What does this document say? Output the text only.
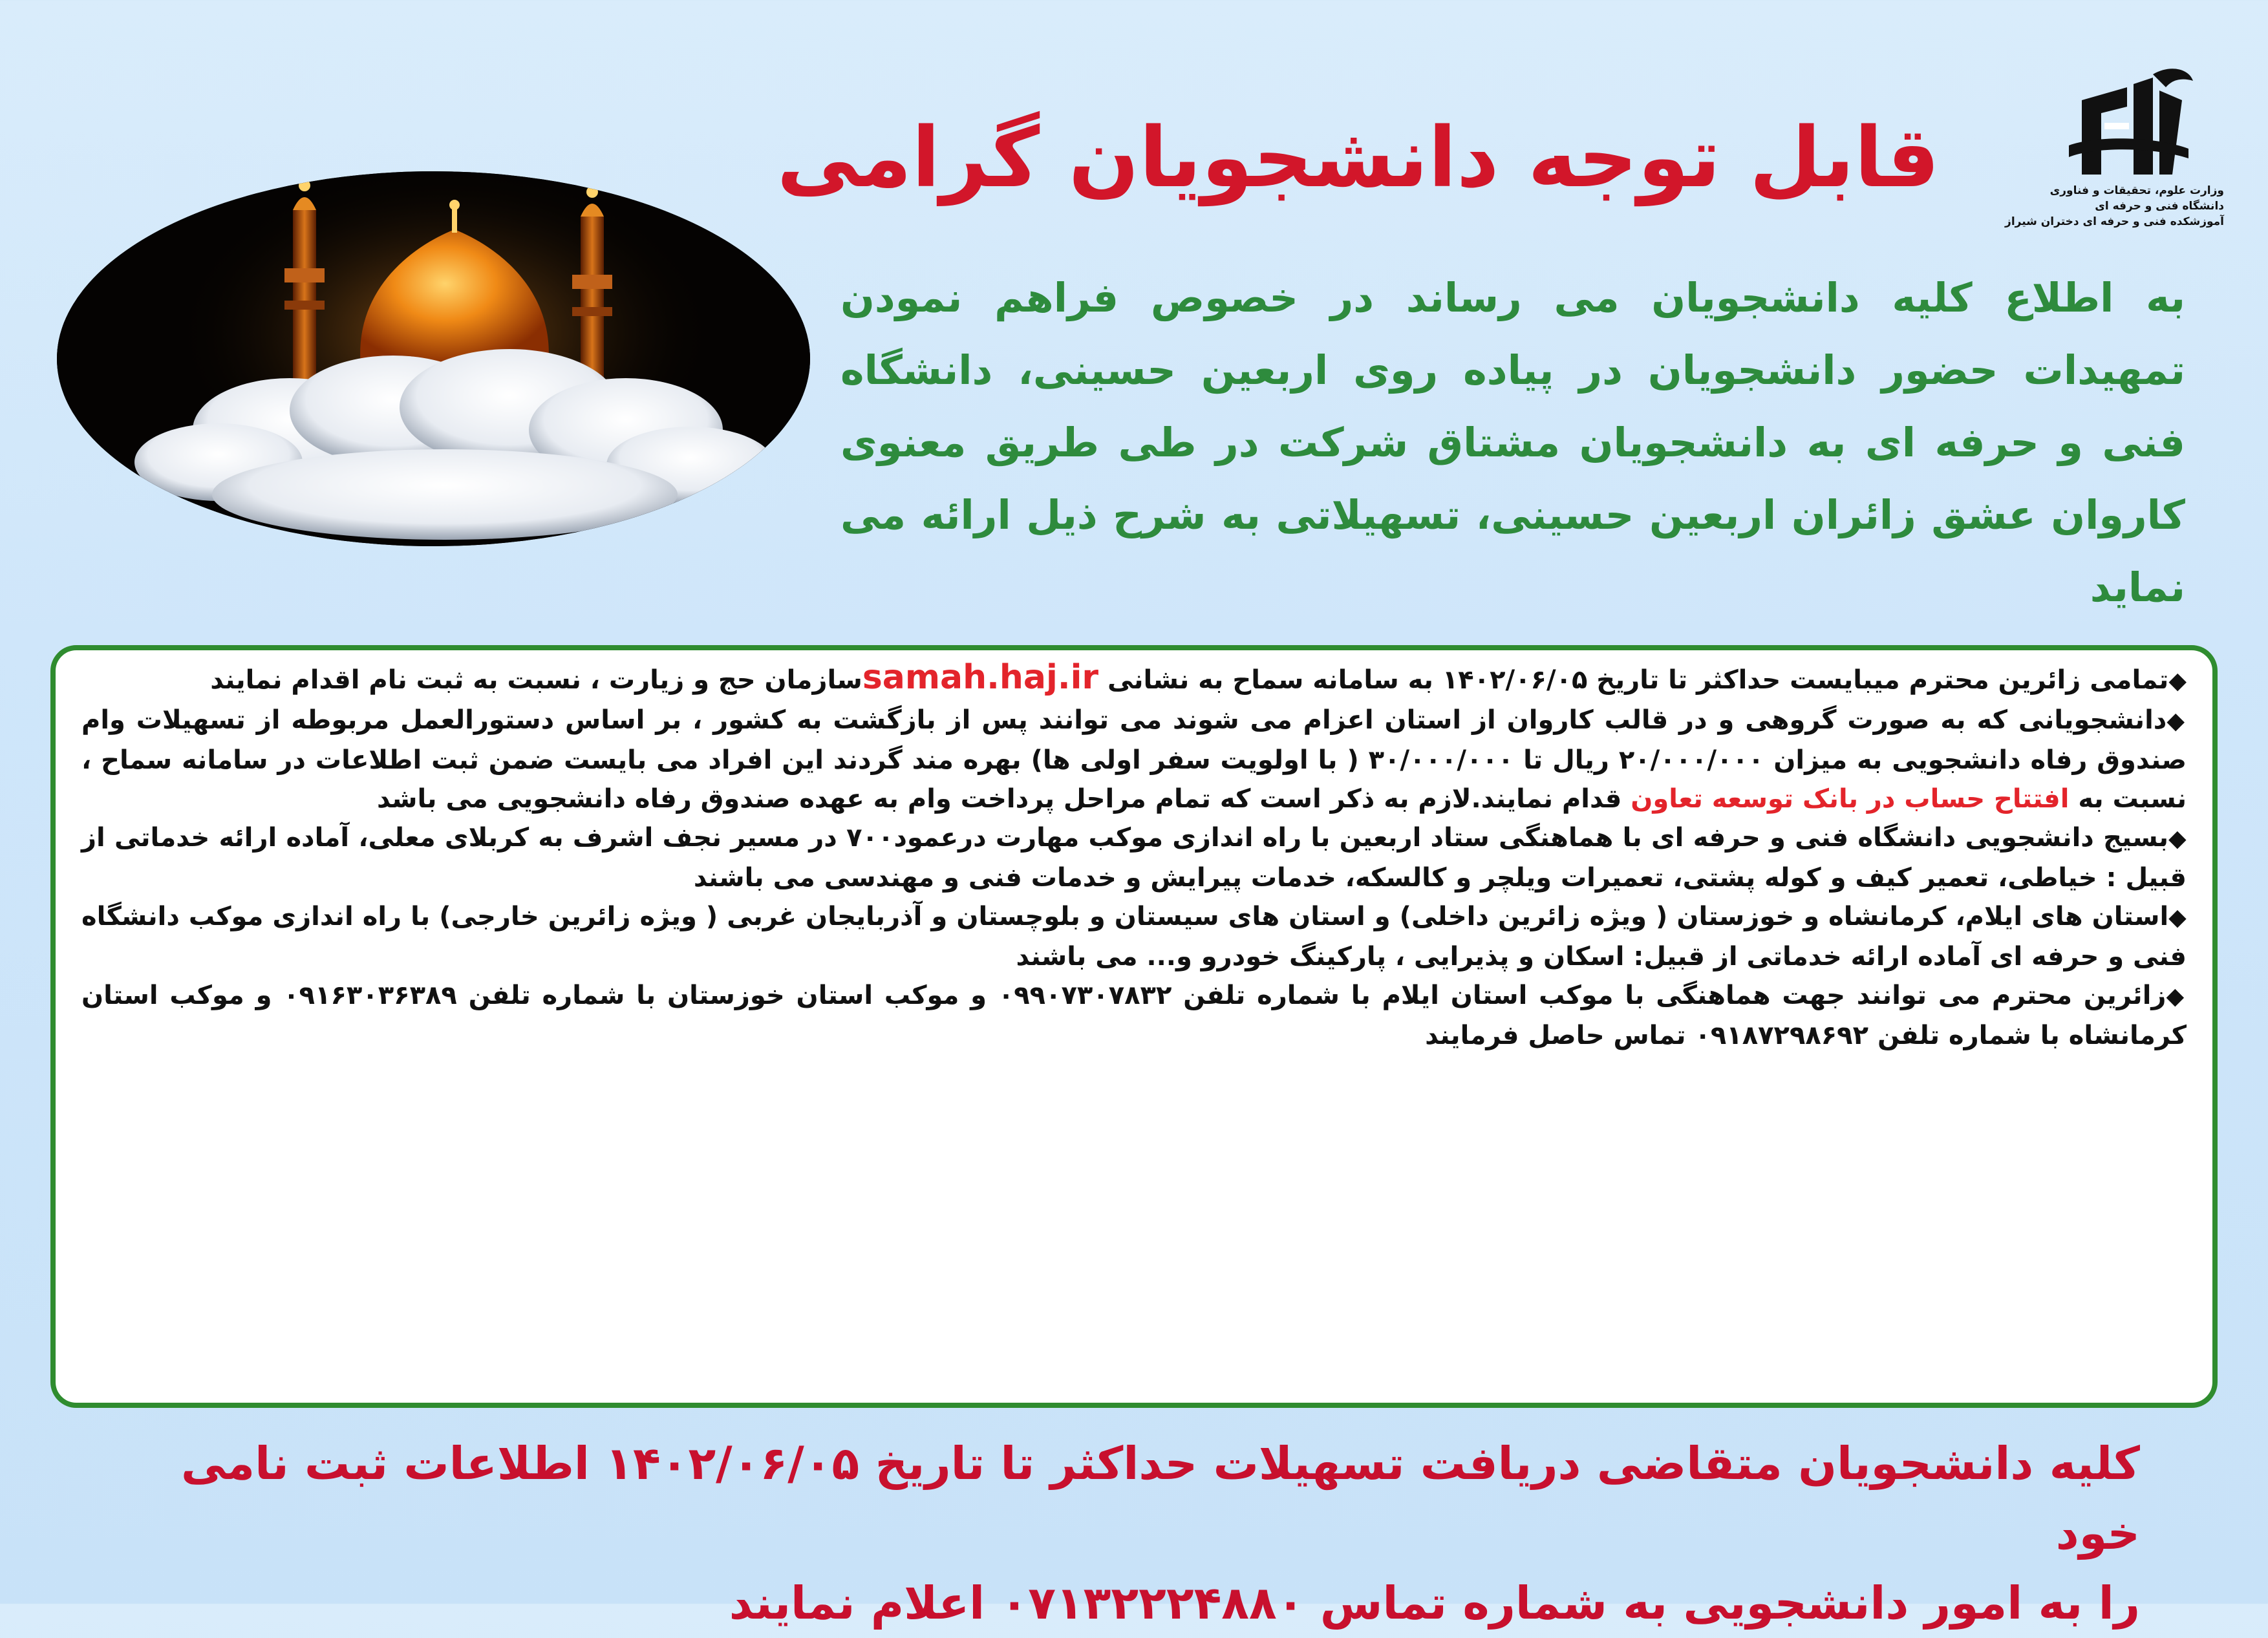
وزارت علوم، تحقیقات و فناوری
دانشگاه فنی و حرفه ای
آموزشکده فنی و حرفه ای دختران شیراز
قابل توجه دانشجویان گرامی
به اطلاع کلیه دانشجویان می رساند در خصوص فراهم نمودن تمهیدات حضور دانشجویان در پیاده روی اربعین حسینی، دانشگاه فنی و حرفه ای به دانشجویان مشتاق شرکت در طی طریق معنوی کاروان عشق زائران اربعین حسینی، تسهیلاتی به شرح ذیل ارائه می نماید

◆تمامی زائرین محترم میبایست حداکثر تا تاریخ ۱۴۰۲/۰۶/۰۵ به سامانه سماح به نشانی samah.haj.irسازمان حج و زیارت ، نسبت به ثبت نام اقدام نمایند

◆دانشجویانی که به صورت گروهی و در قالب کاروان از استان اعزام می شوند می توانند پس از بازگشت به کشور ، بر اساس دستورالعمل مربوطه از تسهیلات وام صندوق رفاه دانشجویی به میزان ۲۰/۰۰۰/۰۰۰ ریال تا ۳۰/۰۰۰/۰۰۰ ( با اولویت سفر اولی ها) بهره مند گردند این افراد می بایست ضمن ثبت اطلاعات در سامانه سماح ، نسبت به افتتاح حساب در بانک توسعه تعاون قدام نمایند.لازم به ذکر است که تمام مراحل پرداخت وام به عهده صندوق رفاه دانشجویی می باشد

◆بسیج دانشجویی دانشگاه فنی و حرفه ای با هماهنگی ستاد اربعین با راه اندازی موکب مهارت درعمود۷۰۰ در مسیر نجف اشرف به کربلای معلی، آماده ارائه خدماتی از قبیل : خیاطی، تعمیر کیف و کوله پشتی، تعمیرات ویلچر و کالسکه، خدمات پیرایش و خدمات فنی و مهندسی می باشند

◆استان های ایلام، کرمانشاه و خوزستان ( ویژه زائرین داخلی) و استان های سیستان و بلوچستان و آذربایجان غربی ( ویژه زائرین خارجی) با راه اندازی موکب دانشگاه فنی و حرفه ای آماده ارائه خدماتی از قبیل: اسکان و پذیرایی ، پارکینگ خودرو و... می باشند

◆زائرین محترم می توانند جهت هماهنگی با موکب استان ایلام با شماره تلفن ۰۹۹۰۷۳۰۷۸۳۲ و موکب استان خوزستان با شماره تلفن ۰۹۱۶۳۰۳۶۳۸۹ و موکب استان کرمانشاه با شماره تلفن ۰۹۱۸۷۲۹۸۶۹۲ تماس حاصل فرمایند

کلیه دانشجویان متقاضی دریافت تسهیلات حداکثر تا تاریخ ۱۴۰۲/۰۶/۰۵ اطلاعات ثبت نامی خود
را به امور دانشجویی به شماره تماس ۰۷۱۳۲۲۲۴۸۸۰ اعلام نمایند
